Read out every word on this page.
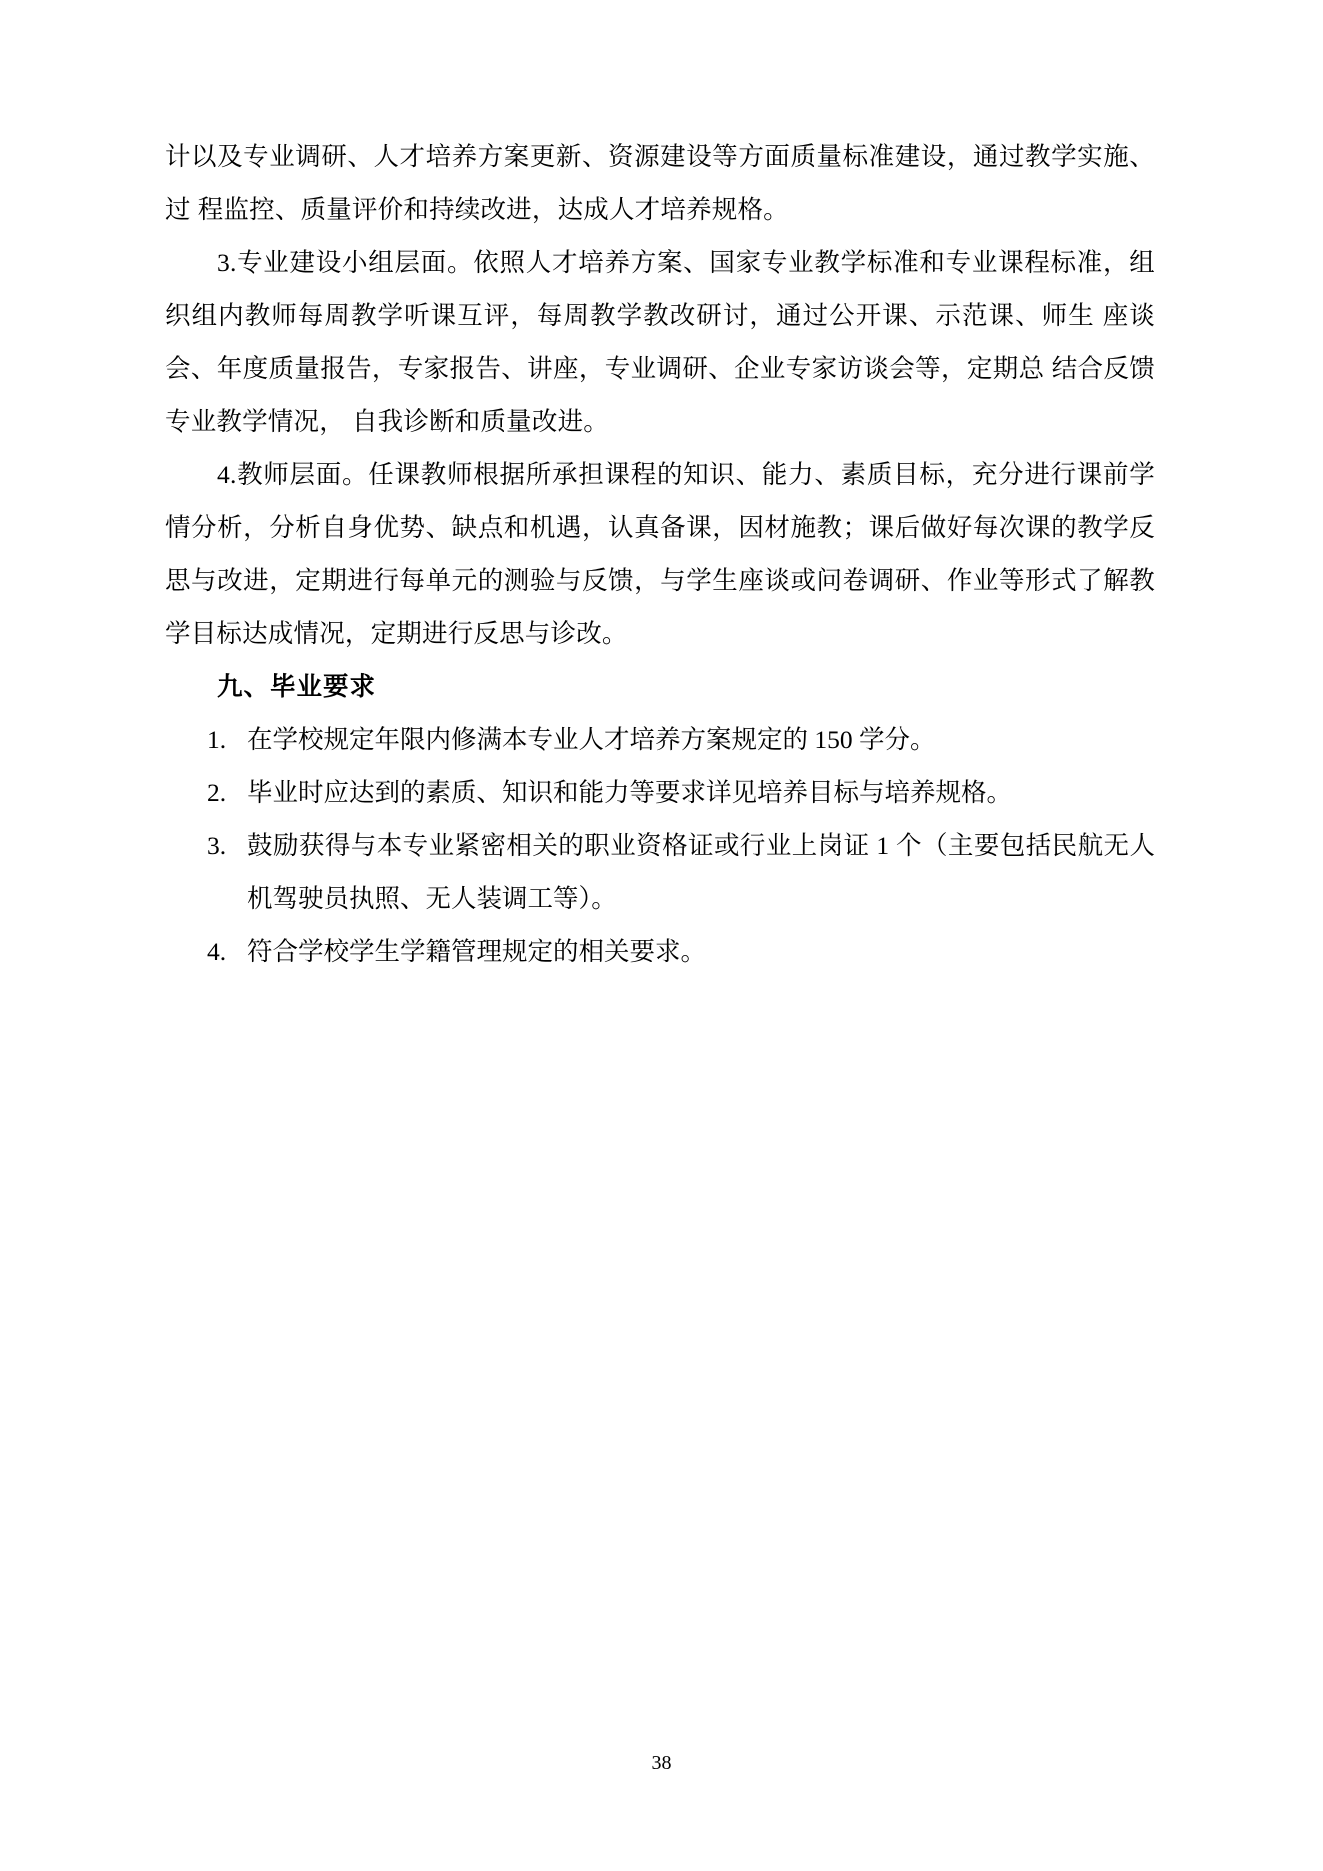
计以及专业调研、人才培养方案更新、资源建设等方面质量标准建设，通过教学实施、过 程监控、质量评价和持续改进，达成人才培养规格。

3.专业建设小组层面。依照人才培养方案、国家专业教学标准和专业课程标准，组织组内教师每周教学听课互评，每周教学教改研讨，通过公开课、示范课、师生 座谈会、年度质量报告，专家报告、讲座，专业调研、企业专家访谈会等，定期总 结合反馈专业教学情况， 自我诊断和质量改进。

4.教师层面。任课教师根据所承担课程的知识、能力、素质目标，充分进行课前学情分析，分析自身优势、缺点和机遇，认真备课，因材施教；课后做好每次课的教学反思与改进，定期进行每单元的测验与反馈，与学生座谈或问卷调研、作业等形式了解教学目标达成情况，定期进行反思与诊改。

九、毕业要求
1. 在学校规定年限内修满本专业人才培养方案规定的 150 学分。
2. 毕业时应达到的素质、知识和能力等要求详见培养目标与培养规格。
3. 鼓励获得与本专业紧密相关的职业资格证或行业上岗证 1 个（主要包括民航无人机驾驶员执照、无人装调工等）。
4. 符合学校学生学籍管理规定的相关要求。
38
